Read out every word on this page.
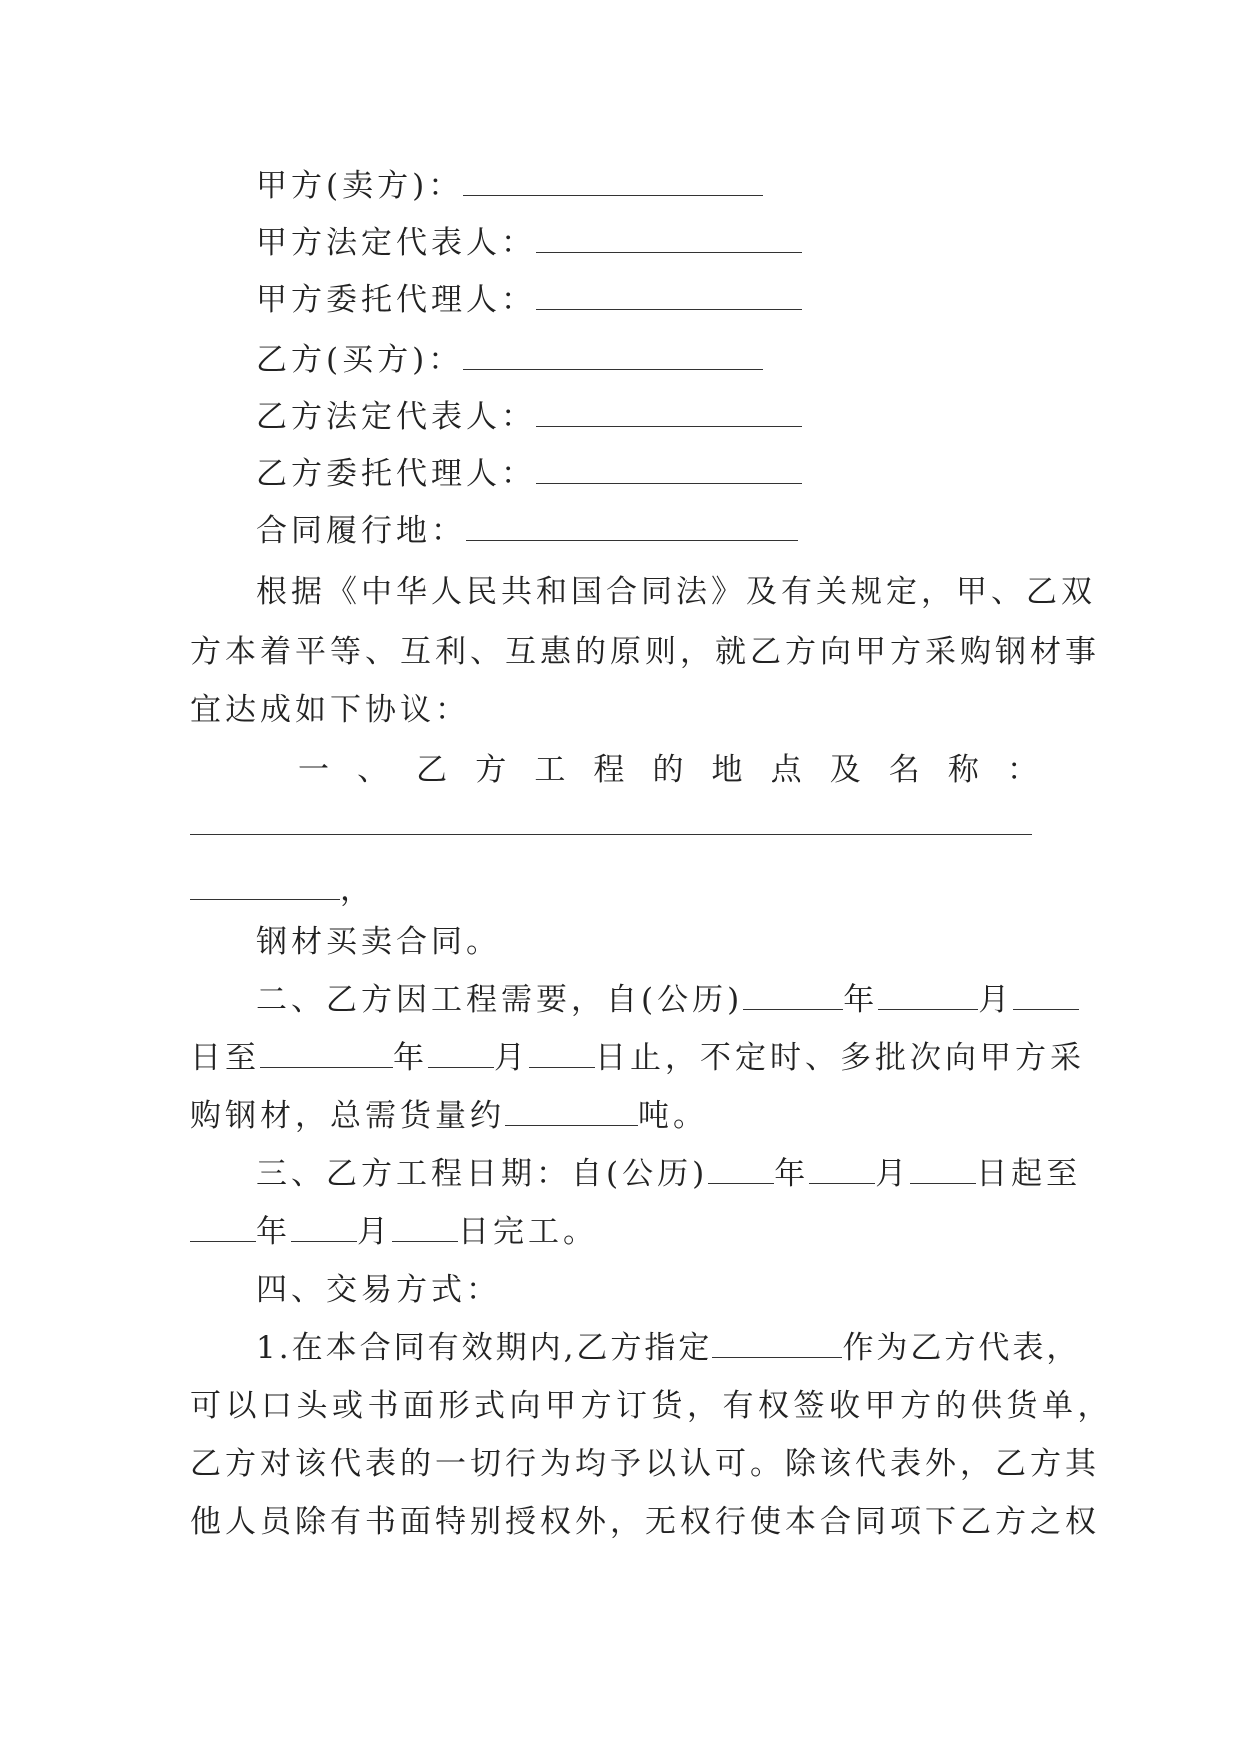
甲方(卖方)：
甲方法定代表人：
甲方委托代理人：
乙方(买方)：
乙方法定代表人：
乙方委托代理人：
合同履行地：
根据《中华人民共和国合同法》及有关规定，甲、乙双
方本着平等、互利、互惠的原则，就乙方向甲方采购钢材事
宜达成如下协议：
一 、 乙 方 工 程 的 地 点 及 名 称 ：
，
钢材买卖合同。
二、乙方因工程需要，自(公历)	年	月
日至	年 月 日止，不定时、多批次向甲方采
购钢材，总需货量约	吨。
三、乙方工程日期：自(公历) 年 月 日起至
年 月 日完工。
四、交易方式：
1.在本合同有效期内,乙方指定	作为乙方代表，
可以口头或书面形式向甲方订货，有权签收甲方的供货单，
乙方对该代表的一切行为均予以认可。除该代表外，乙方其
他人员除有书面特别授权外，无权行使本合同项下乙方之权
